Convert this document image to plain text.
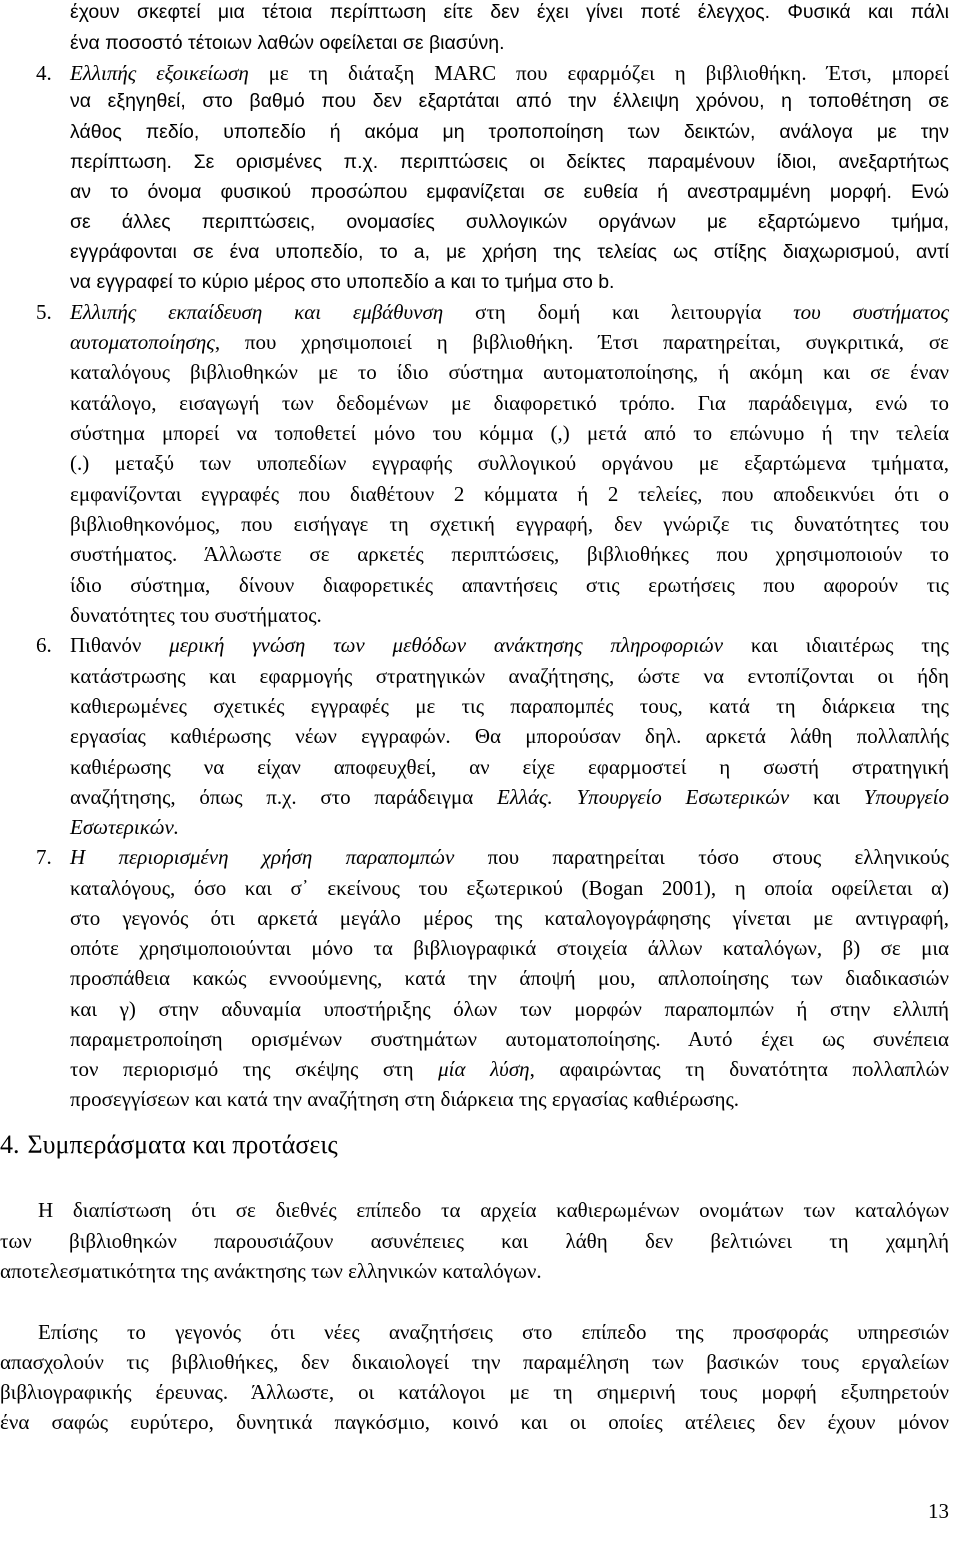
έχουν σκεφτεί μια τέτοια περίπτωση είτε δεν έχει γίνει ποτέ έλεγχος. Φυσικά και πάλι
ένα ποσοστό τέτοιων λαθών οφείλεται σε βιασύνη.
4. Ελλιπής εξοικείωση με τη διάταξη MARC που εφαρμόζει η βιβλιοθήκη. Έτσι, μπορεί
να εξηγηθεί, στο βαθμό που δεν εξαρτάται από την έλλειψη χρόνου, η τοποθέτηση σε
λάθος πεδίο, υποπεδίο ή ακόμα μη τροποποίηση των δεικτών, ανάλογα με την
περίπτωση. Σε ορισμένες π.χ. περιπτώσεις οι δείκτες παραμένουν ίδιοι, ανεξαρτήτως
αν το όνομα φυσικού προσώπου εμφανίζεται σε ευθεία ή ανεστραμμένη μορφή. Ενώ
σε άλλες περιπτώσεις, ονομασίες συλλογικών οργάνων με εξαρτώμενο τμήμα,
εγγράφονται σε ένα υποπεδίο, το a, με χρήση της τελείας ως στίξης διαχωρισμού, αντί
να εγγραφεί το κύριο μέρος στο υποπεδίο a και το τμήμα στο b.
5. Ελλιπής εκπαίδευση και εμβάθυνση στη δομή και λειτουργία του συστήματος
αυτοματοποίησης, που χρησιμοποιεί η βιβλιοθήκη. Έτσι παρατηρείται, συγκριτικά, σε
καταλόγους βιβλιοθηκών με το ίδιο σύστημα αυτοματοποίησης, ή ακόμη και σε έναν
κατάλογο, εισαγωγή των δεδομένων με διαφορετικό τρόπο. Για παράδειγμα, ενώ το
σύστημα μπορεί να τοποθετεί μόνο του κόμμα (,) μετά από το επώνυμο ή την τελεία
(.) μεταξύ των υποπεδίων εγγραφής συλλογικού οργάνου με εξαρτώμενα τμήματα,
εμφανίζονται εγγραφές που διαθέτουν 2 κόμματα ή 2 τελείες, που αποδεικνύει ότι ο
βιβλιοθηκονόμος, που εισήγαγε τη σχετική εγγραφή, δεν γνώριζε τις δυνατότητες του
συστήματος. Άλλωστε σε αρκετές περιπτώσεις, βιβλιοθήκες που χρησιμοποιούν το
ίδιο σύστημα, δίνουν διαφορετικές απαντήσεις στις ερωτήσεις που αφορούν τις
δυνατότητες του συστήματος.
6. Πιθανόν μερική γνώση των μεθόδων ανάκτησης πληροφοριών και ιδιαιτέρως της
κατάστρωσης και εφαρμογής στρατηγικών αναζήτησης, ώστε να εντοπίζονται οι ήδη
καθιερωμένες σχετικές εγγραφές με τις παραπομπές τους, κατά τη διάρκεια της
εργασίας καθιέρωσης νέων εγγραφών. Θα μπορούσαν δηλ. αρκετά λάθη πολλαπλής
καθιέρωσης να είχαν αποφευχθεί, αν είχε εφαρμοστεί η σωστή στρατηγική
αναζήτησης, όπως π.χ. στο παράδειγμα Ελλάς. Υπουργείο Εσωτερικών και Υπουργείο
Εσωτερικών.
7. Η περιορισμένη χρήση παραπομπών που παρατηρείται τόσο στους ελληνικούς
καταλόγους, όσο και σ᾽ εκείνους του εξωτερικού (Bogan 2001), η οποία οφείλεται α)
στο γεγονός ότι αρκετά μεγάλο μέρος της καταλογογράφησης γίνεται με αντιγραφή,
οπότε χρησιμοποιούνται μόνο τα βιβλιογραφικά στοιχεία άλλων καταλόγων, β) σε μια
προσπάθεια κακώς εννοούμενης, κατά την άποψή μου, απλοποίησης των διαδικασιών
και γ) στην αδυναμία υποστήριξης όλων των μορφών παραπομπών ή στην ελλιπή
παραμετροποίηση ορισμένων συστημάτων αυτοματοποίησης. Αυτό έχει ως συνέπεια
τον περιορισμό της σκέψης στη μία λύση, αφαιρώντας τη δυνατότητα πολλαπλών
προσεγγίσεων και κατά την αναζήτηση στη διάρκεια της εργασίας καθιέρωσης.
4. Συμπεράσματα και προτάσεις
Η διαπίστωση ότι σε διεθνές επίπεδο τα αρχεία καθιερωμένων ονομάτων των καταλόγων
των βιβλιοθηκών παρουσιάζουν ασυνέπειες και λάθη δεν βελτιώνει τη χαμηλή
αποτελεσματικότητα της ανάκτησης των ελληνικών καταλόγων.
Επίσης το γεγονός ότι νέες αναζητήσεις στο επίπεδο της προσφοράς υπηρεσιών
απασχολούν τις βιβλιοθήκες, δεν δικαιολογεί την παραμέληση των βασικών τους εργαλείων
βιβλιογραφικής έρευνας. Άλλωστε, οι κατάλογοι με τη σημερινή τους μορφή εξυπηρετούν
ένα σαφώς ευρύτερο, δυνητικά παγκόσμιο, κοινό και οι οποίες ατέλειες δεν έχουν μόνον
13
